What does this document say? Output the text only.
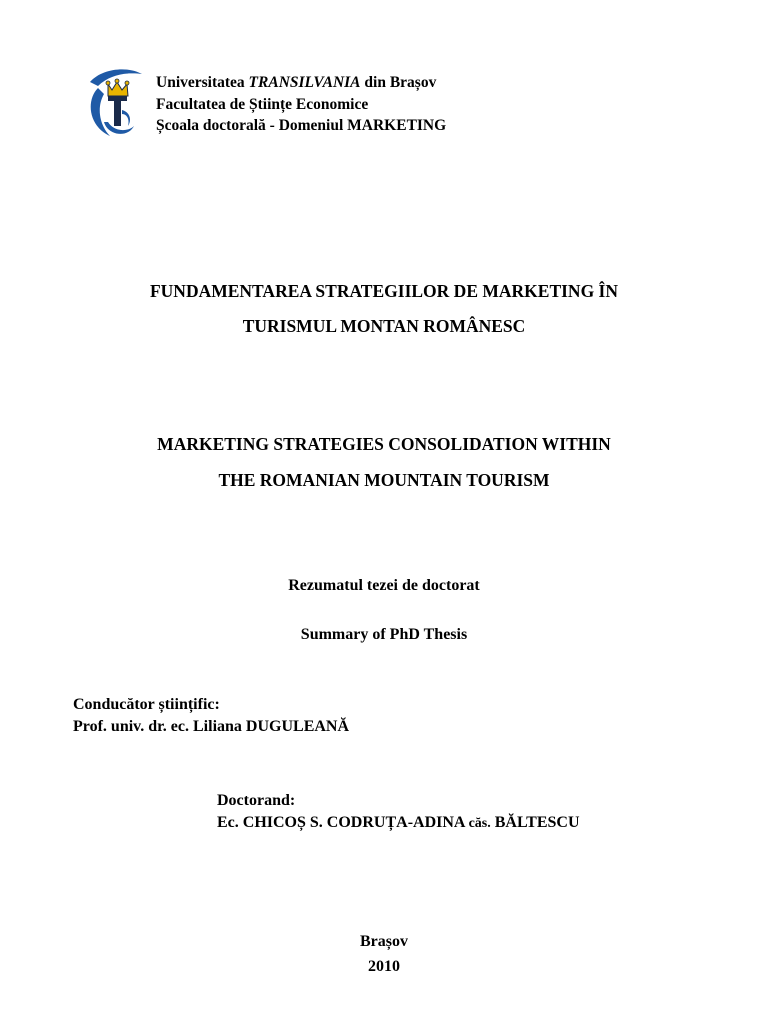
Universitatea TRANSILVANIA din Brașov
Facultatea de Științe Economice
Școala doctorală - Domeniul MARKETING
FUNDAMENTAREA STRATEGIILOR DE MARKETING ÎN
TURISMUL MONTAN ROMÂNESC
MARKETING STRATEGIES CONSOLIDATION WITHIN
THE ROMANIAN MOUNTAIN TOURISM
Rezumatul tezei de doctorat
Summary of PhD Thesis
Conducător științific:
Prof. univ. dr. ec. Liliana DUGULEANĂ
Doctorand:
Ec. CHICOȘ S. CODRUȚA-ADINA căs. BĂLTESCU
Brașov
2010
